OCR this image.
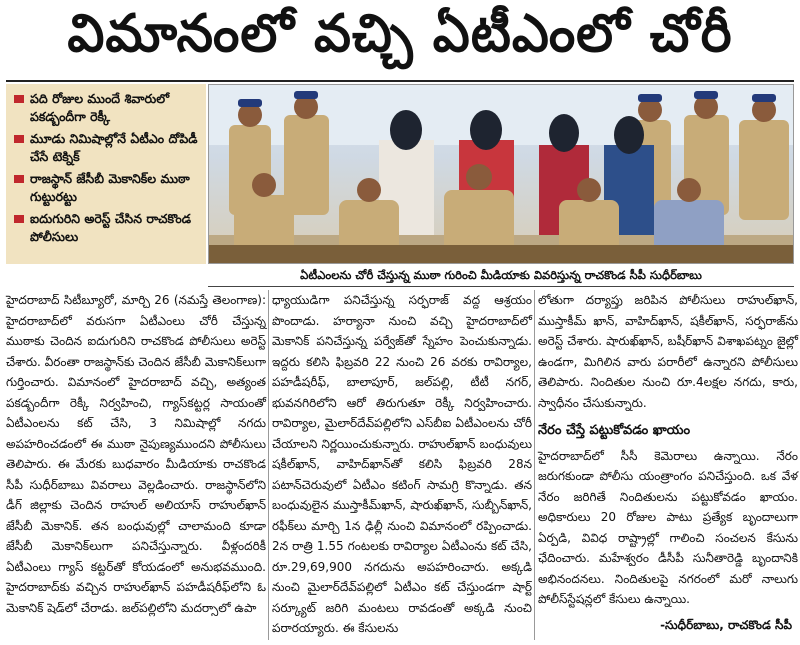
విమానంలో వచ్చి ఏటీఎంలో చోరీ
పది రోజుల ముందే శివారులో పకడ్బందీగా రెక్కీ
మూడు నిమిషాల్లోనే ఏటీఎం దోపిడీ చేసే టెక్నిక్
రాజస్థాన్ జేసీబీ మెకానిక్‌ల ముఠా గుట్టురట్టు
ఐదుగురిని అరెస్ట్ చేసిన రాచకొండ పోలీసులు
ఏటీఎంలను చోరీ చేస్తున్న ముఠా గురించి మీడియాకు వివరిస్తున్న రాచకొండ సీపీ సుధీర్‌బాబు

హైదరాబాద్ సిటీబ్యూరో, మార్చి 26 (నమస్తే తెలంగాణ): హైదరాబాద్‌లో వరుసగా ఏటీఎంలు చోరీ చేస్తున్న ముఠాకు చెందిన ఐదుగురిని రాచకొండ పోలీసులు అరెస్ట్ చేశారు. వీరంతా రాజస్థాన్‌కు చెందిన జేసీబీ మెకానిక్‌లుగా గుర్తించారు. విమానంలో హైదరాబాద్ వచ్చి, అత్యంత పకడ్బందీగా రెక్కీ నిర్వహించి, గ్యాస్‌కట్టర్ల సాయంతో ఏటీఎంలను కట్ చేసి, 3 నిమిషాల్లో నగదు అపహరించడంలో ఈ ముఠా నైపుణ్యముందని పోలీసులు తెలిపారు. ఈ మేరకు బుధవారం మీడియాకు రాచకొండ సీపీ సుధీర్‌బాబు వివరాలు వెల్లడించారు. రాజస్థాన్‌లోని డీగ్ జిల్లాకు చెందిన రాహుల్ అలియాస్ రాహుల్‌ఖాన్ జేసీబీ మెకానిక్. తన బంధువుల్లో చాలామంది కూడా జేసీబీ మెకానిక్‌లుగా పనిచేస్తున్నారు. వీళ్లందరికీ ఏటీఎంలు గ్యాస్ కట్టర్‌తో కోయడంలో అనుభవముంది. హైదరాబాద్‌కు వచ్చిన రాహుల్‌ఖాన్ పహడీషరీఫ్‌లోని ఓ మెకానిక్ షెడ్‌లో చేరాడు. జల్‌పల్లిలోని మదర్సాలో ఉపా

ధ్యాయుడిగా పనిచేస్తున్న సర్ఫరాజ్ వద్ద ఆశ్రయం పొందాడు. హర్యానా నుంచి వచ్చి హైదరాబాద్‌లో మెకానిక్ పనిచేస్తున్న పర్వేజ్‌తో స్నేహం పెంచుకున్నాడు. ఇద్దరు కలిసి ఫిబ్రవరి 22 నుంచి 26 వరకు రావిర్యాల, పహడీషరీఫ్, బాలాపూర్, జల్‌పల్లి, టీటీ నగర్, భువనగిరిలోని ఆరో తిరుగుతూ రెక్కీ నిర్వహించారు. రావిర్యాల, మైలార్‌దేవ్‌పల్లిలోని ఎస్‌బీఐ ఏటీఎంలను చోరీ చేయాలని నిర్ణయించుకున్నారు. రాహుల్‌ఖాన్ బంధువులు షకీల్‌ఖాన్, వాహిద్‌ఖాన్‌తో కలిసి ఫిబ్రవరి 28న పటాన్‌చెరువులో ఏటీఎం కటింగ్ సామగ్రి కొన్నాడు. తన బంధువులైన ముస్తాకీమ్‌ఖాన్, షారుఖ్‌ఖాన్, సుబ్బీన్‌ఖాన్, రఫీక్‌లు మార్చి 1న ఢిల్లీ నుంచి విమానంలో రప్పించాడు. 2న రాత్రి 1.55 గంటలకు రావిర్యాల ఏటీఎంను కట్ చేసి, రూ.29,69,900 నగదును అపహరించారు. అక్కడి నుంచి మైలార్‌దేవ్‌పల్లిలో ఏటీఎం కట్ చేస్తుండగా షార్ట్ సర్క్యూట్ జరిగి మంటలు రావడంతో అక్కడి నుంచి పరారయ్యారు. ఈ కేసులను

లోతుగా దర్యాప్తు జరిపిన పోలీసులు రాహుల్‌ఖాన్, ముస్తాకీమ్ ఖాన్, వాహిద్‌ఖాన్, షకీల్‌ఖాన్, సర్ఫరాజ్‌ను అరెస్ట్ చేశారు. షారుఖ్‌ఖాన్, బషీర్‌ఖాన్ విశాఖపట్నం జైల్లో ఉండగా, మిగిలిన వారు పరారీలో ఉన్నారని పోలీసులు తెలిపారు. నిందితుల నుంచి రూ.4లక్షల నగదు, కారు, స్వాధీనం చేసుకున్నారు.

నేరం చేస్తే పట్టుకోవడం ఖాయం

హైదరాబాద్‌లో సీసీ కెమెరాలు ఉన్నాయి. నేరం జరుగకుండా పోలీసు యంత్రాంగం పనిచేస్తుంది. ఒక వేళ నేరం జరిగితే నిందితులను పట్టుకోవడం ఖాయం. అధికారులు 20 రోజుల పాటు ప్రత్యేక బృందాలుగా ఏర్పడి, వివిధ రాష్ట్రాల్లో గాలించి సంచలన కేసును ఛేదించారు. మహేశ్వరం డీసీపీ సునీతారెడ్డి బృందానికి అభినందనలు. నిందితులపై నగరంలో మరో నాలుగు పోలీస్‌స్టేషన్లలో కేసులు ఉన్నాయి.

-సుధీర్‌బాబు, రాచకొండ సీపీ
